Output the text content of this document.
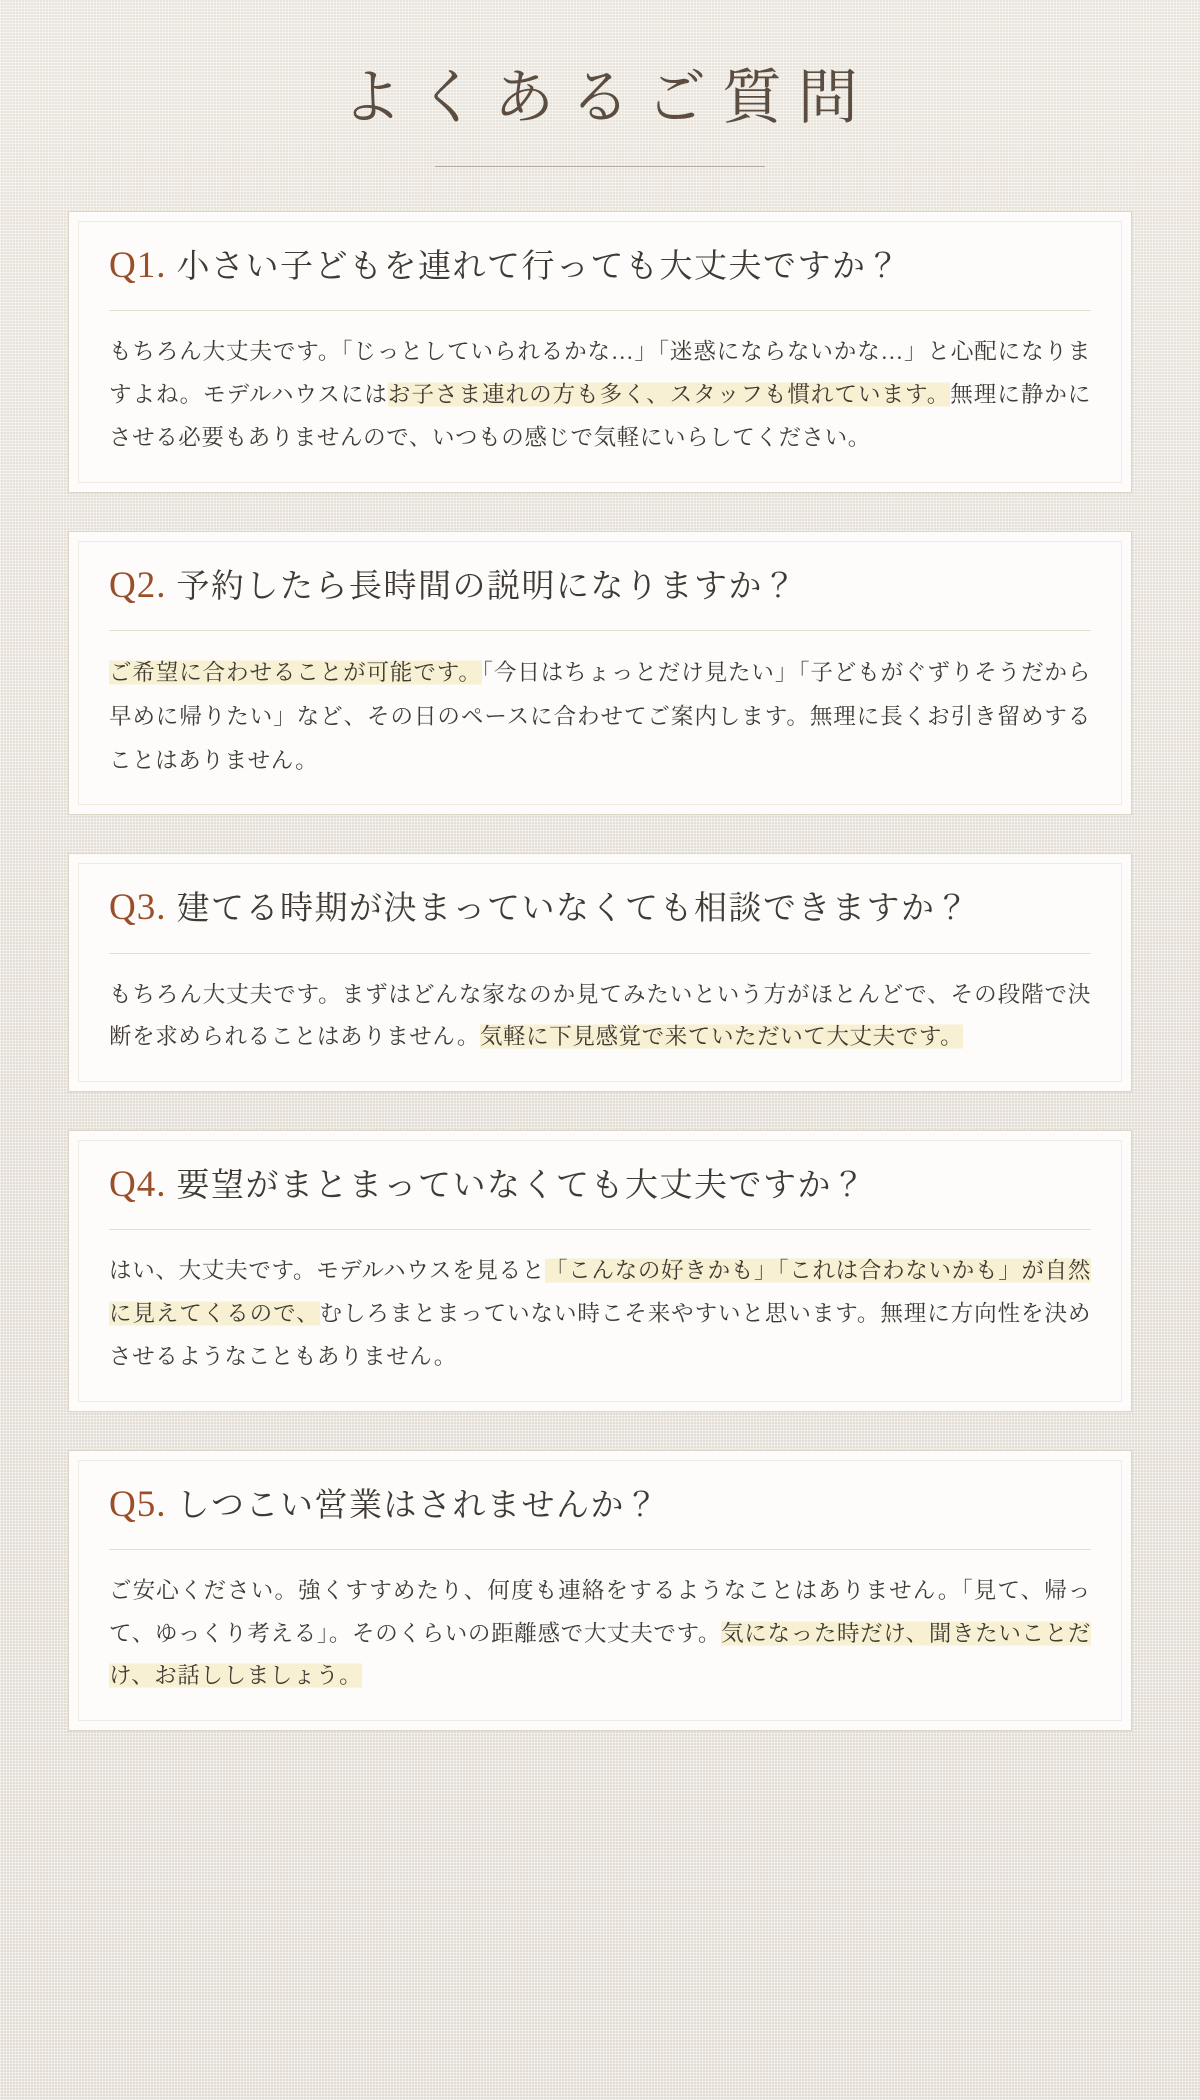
よくあるご質問
Q1. 小さい子どもを連れて行っても大丈夫ですか？
もちろん大丈夫です。「じっとしていられるかな…」「迷惑にならないかな…」と心配になりますよね。モデルハウスにはお子さま連れの方も多く、スタッフも慣れています。無理に静かにさせる必要もありませんので、いつもの感じで気軽にいらしてください。
Q2. 予約したら長時間の説明になりますか？
ご希望に合わせることが可能です。「今日はちょっとだけ見たい」「子どもがぐずりそうだから早めに帰りたい」など、その日のペースに合わせてご案内します。無理に長くお引き留めすることはありません。
Q3. 建てる時期が決まっていなくても相談できますか？
もちろん大丈夫です。まずはどんな家なのか見てみたいという方がほとんどで、その段階で決断を求められることはありません。気軽に下見感覚で来ていただいて大丈夫です。
Q4. 要望がまとまっていなくても大丈夫ですか？
はい、大丈夫です。モデルハウスを見ると「こんなの好きかも」「これは合わないかも」が自然に見えてくるので、むしろまとまっていない時こそ来やすいと思います。無理に方向性を決めさせるようなこともありません。
Q5. しつこい営業はされませんか？
ご安心ください。強くすすめたり、何度も連絡をするようなことはありません。「見て、帰って、ゆっくり考える」。そのくらいの距離感で大丈夫です。気になった時だけ、聞きたいことだけ、お話ししましょう。
